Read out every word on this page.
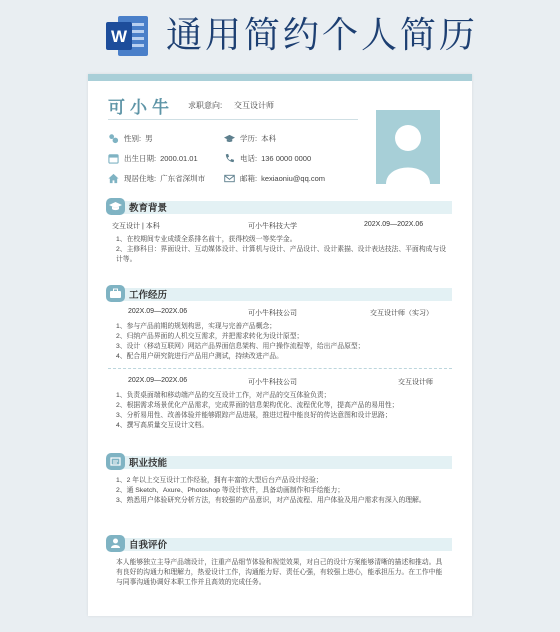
W 通用简约个人简历
可小牛 求职意向: 交互设计师
性别: 男	学历: 本科
出生日期: 2000.01.01	电话: 136 0000 0000
现居住地: 广东省深圳市	邮箱: kexiaoniu@qq.com
教育背景
交互设计 | 本科	可小牛科技大学	202X.09—202X.06
1、在校期间专业成绩全系排名前十，获得校级一等奖学金。
2、主修科目：界面设计、互动媒体设计、计算机与设计、产品设计、设计素描、设计表达技法、平面构成与设计等。
工作经历
202X.09—202X.06	可小牛科技公司	交互设计师（实习）
1、参与产品前期的规划构思，实现与完善产品概念；
2、归纳产品界面的人机交互需求，并把需求转化为设计原型；
3、设计（移动互联网）网站产品界面信息架构、用户操作流程等，给出产品原型；
4、配合用户研究院进行产品用户测试，持续改进产品。
202X.09—202X.06	可小牛科技公司	交互设计师
1、负责桌面端和移动端产品的交互设计工作，对产品的交互体验负责；
2、根据需求场景优化产品需求，完成界面的信息架构优化、流程优化等，提高产品的易用性；
3、分析易用性、改善体验并能够跟踪产品进展，推进过程中能良好的传达意图和设计思路；
4、撰写高质量交互设计文档。
职业技能
1、2 年以上交互设计工作经验，拥有丰富的大型后台产品设计经验；
2、通 Sketch、Axure、Photoshop 等设计软件，具备动画制作和手绘能力；
3、熟悉用户体验研究分析方法，有较强的产品意识，对产品流程、用户体验及用户需求有深入的理解。
自我评价
本人能够独立主导产品端设计，注重产品细节体验和视觉效果，对自己的设计方案能够清晰的描述和推动。具有良好的沟通力和理解力，热爱设计工作，沟通能力好、责任心强，有较强上进心，能承担压力。在工作中能与同事沟通协调好本职工作并且高效的完成任务。
